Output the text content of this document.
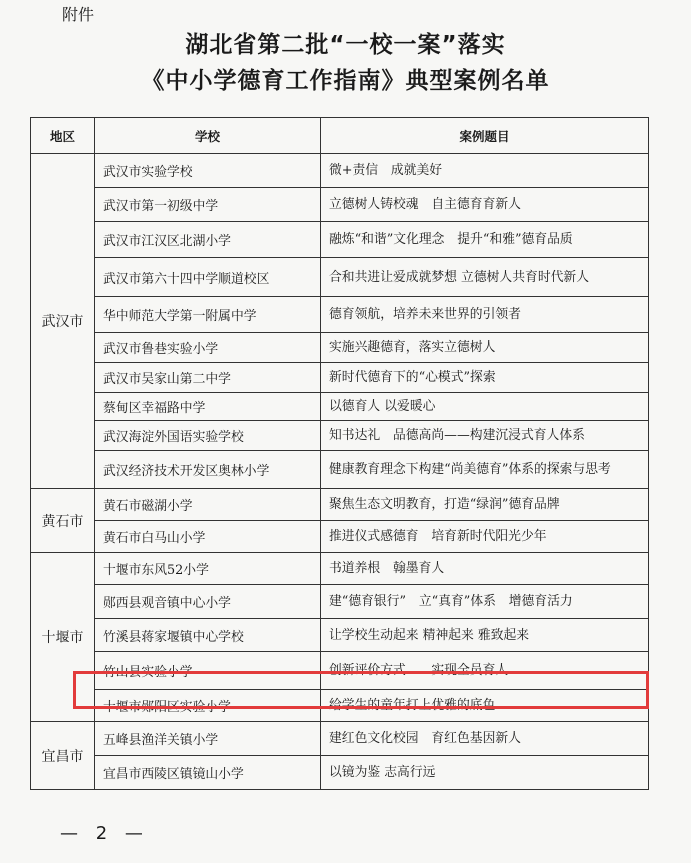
附件
湖北省第二批“一校一案”落实
《中小学德育工作指南》典型案例名单
地区	学校	案例题目
武汉市	武汉市实验学校	微+责信　成就美好
	武汉市第一初级中学	立德树人铸校魂　自主德育育新人
	武汉市江汉区北湖小学	融炼“和谐”文化理念　提升“和雅”德育品质
	武汉市第六十四中学顺道校区	合和共进让爱成就梦想 立德树人共育时代新人
	华中师范大学第一附属中学	德育领航，培养未来世界的引领者
	武汉市鲁巷实验小学	实施兴趣德育，落实立德树人
	武汉市吴家山第二中学	新时代德育下的“心模式”探索
	蔡甸区幸福路中学	以德育人 以爱暖心
	武汉海淀外国语实验学校	知书达礼　品德高尚——构建沉浸式育人体系
	武汉经济技术开发区奥林小学	健康教育理念下构建“尚美德育”体系的探索与思考
黄石市	黄石市磁湖小学	聚焦生态文明教育，打造“绿润”德育品牌
	黄石市白马山小学	推进仪式感德育　培育新时代阳光少年
十堰市	十堰市东风52小学	书道养根　翰墨育人
	郧西县观音镇中心小学	建“德育银行”　立“真育”体系　增德育活力
	竹溪县蒋家堰镇中心学校	让学校生动起来 精神起来 雅致起来
	竹山县实验小学	创新评价方式　　实现全员育人
	十堰市郧阳区实验小学	给学生的童年打上优雅的底色
宜昌市	五峰县渔洋关镇小学	建红色文化校园　育红色基因新人
	宜昌市西陵区镇镜山小学	以镜为鉴 志高行远
— 2 —
